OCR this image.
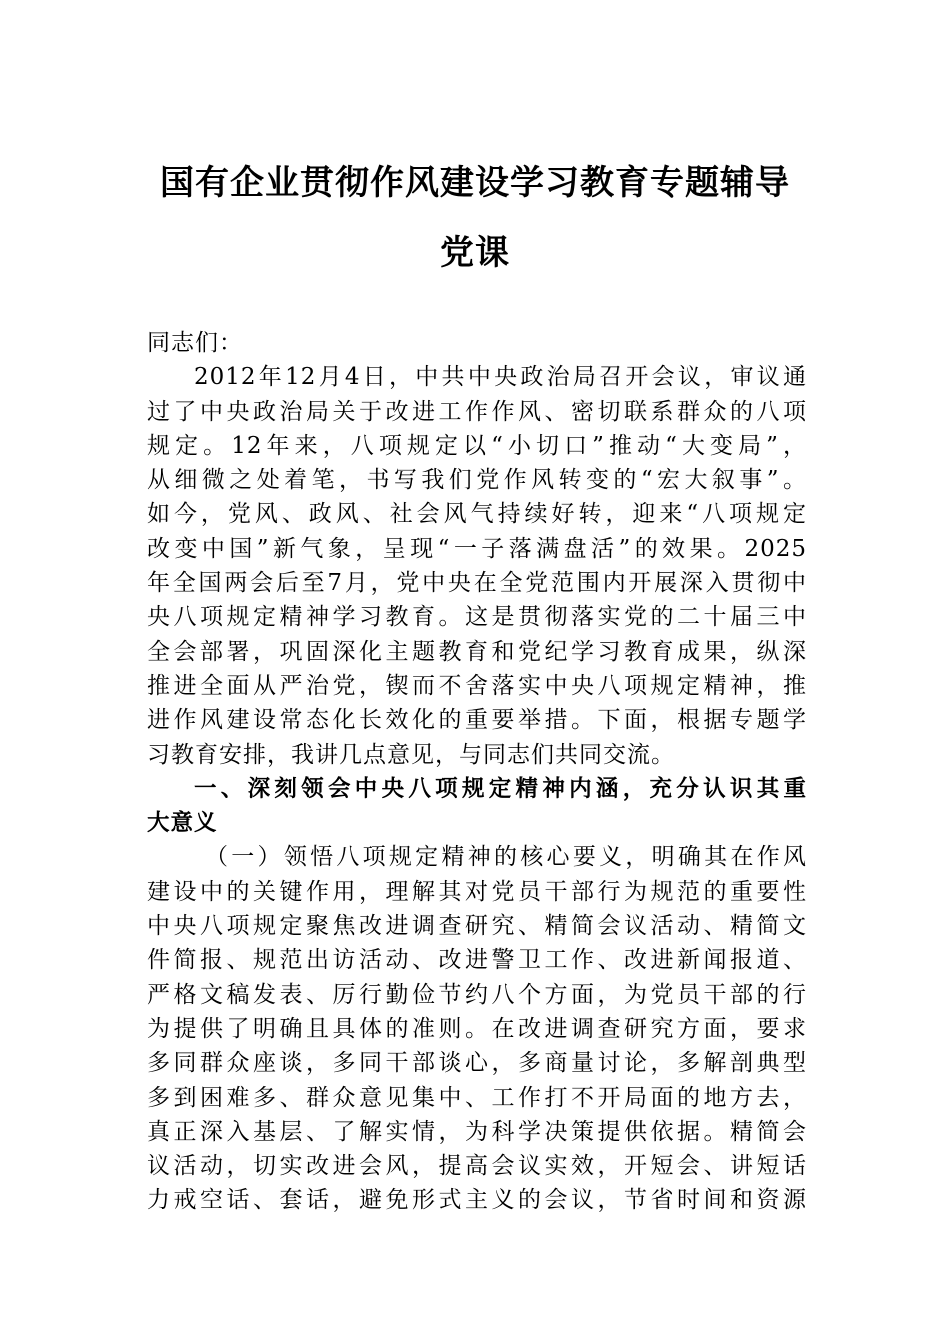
国有企业贯彻作风建设学习教育专题辅导
党课
同志们：
2012年12月4日，中共中央政治局召开会议，审议通
过了中央政治局关于改进工作作风、密切联系群众的八项
规定。12年来，八项规定以“小切口”推动“大变局”，
从细微之处着笔，书写我们党作风转变的“宏大叙事”。
如今，党风、政风、社会风气持续好转，迎来“八项规定
改变中国”新气象，呈现“一子落满盘活”的效果。2025
年全国两会后至7月，党中央在全党范围内开展深入贯彻中
央八项规定精神学习教育。这是贯彻落实党的二十届三中
全会部署，巩固深化主题教育和党纪学习教育成果，纵深
推进全面从严治党，锲而不舍落实中央八项规定精神，推
进作风建设常态化长效化的重要举措。下面，根据专题学
习教育安排，我讲几点意见，与同志们共同交流。
一、深刻领会中央八项规定精神内涵，充分认识其重
大意义
（一）领悟八项规定精神的核心要义，明确其在作风
建设中的关键作用，理解其对党员干部行为规范的重要性
中央八项规定聚焦改进调查研究、精简会议活动、精简文
件简报、规范出访活动、改进警卫工作、改进新闻报道、
严格文稿发表、厉行勤俭节约八个方面，为党员干部的行
为提供了明确且具体的准则。在改进调查研究方面，要求
多同群众座谈，多同干部谈心，多商量讨论，多解剖典型
多到困难多、群众意见集中、工作打不开局面的地方去，
真正深入基层、了解实情，为科学决策提供依据。精简会
议活动，切实改进会风，提高会议实效，开短会、讲短话
力戒空话、套话，避免形式主义的会议，节省时间和资源
